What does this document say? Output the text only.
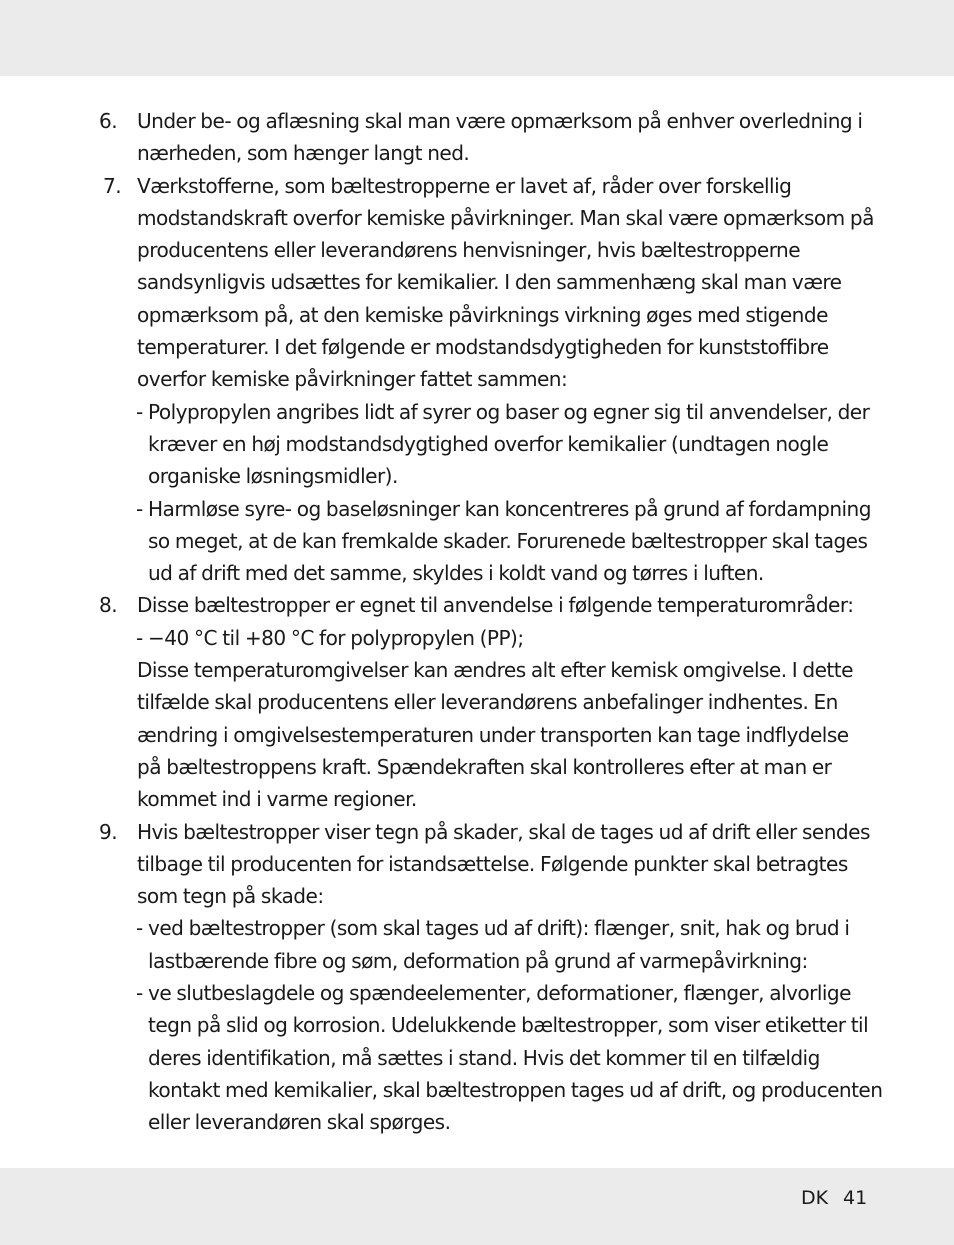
6. Under be- og aflæsning skal man være opmærksom på enhver overledning i nærheden, som hænger langt ned.
7. Værkstofferne, som bæltestropperne er lavet af, råder over forskellig modstandskraft overfor kemiske påvirkninger. Man skal være opmærksom på producentens eller leverandørens henvisninger, hvis bæltestropperne sandsynligvis udsættes for kemikalier. I den sammenhæng skal man være opmærksom på, at den kemiske påvirknings virkning øges med stigende temperaturer. I det følgende er modstandsdygtigheden for kunststoffibre overfor kemiske påvirkninger fattet sammen:
- Polypropylen angribes lidt af syrer og baser og egner sig til anvendelser, der kræver en høj modstandsdygtighed overfor kemikalier (undtagen nogle organiske løsningsmidler).
- Harmløse syre- og baseløsninger kan koncentreres på grund af fordampning so meget, at de kan fremkalde skader. Forurenede bæltestropper skal tages ud af drift med det samme, skyldes i koldt vand og tørres i luften.
8. Disse bæltestropper er egnet til anvendelse i følgende temperaturområder:
- −40 °C til +80 °C for polypropylen (PP);
Disse temperaturomgivelser kan ændres alt efter kemisk omgivelse. I dette tilfælde skal producentens eller leverandørens anbefalinger indhentes. En ændring i omgivelsestemperaturen under transporten kan tage indflydelse på bæltestroppens kraft. Spændekraften skal kontrolleres efter at man er kommet ind i varme regioner.
9. Hvis bæltestropper viser tegn på skader, skal de tages ud af drift eller sendes tilbage til producenten for istandsættelse. Følgende punkter skal betragtes som tegn på skade:
- ved bæltestropper (som skal tages ud af drift): flænger, snit, hak og brud i lastbærende fibre og søm, deformation på grund af varmepåvirkning:
- ve slutbeslagdele og spændeelementer, deformationer, flænger, alvorlige tegn på slid og korrosion. Udelukkende bæltestropper, som viser etiketter til deres identifikation, må sættes i stand. Hvis det kommer til en tilfældig kontakt med kemikalier, skal bæltestroppen tages ud af drift, og producenten eller leverandøren skal spørges.
DK 41
